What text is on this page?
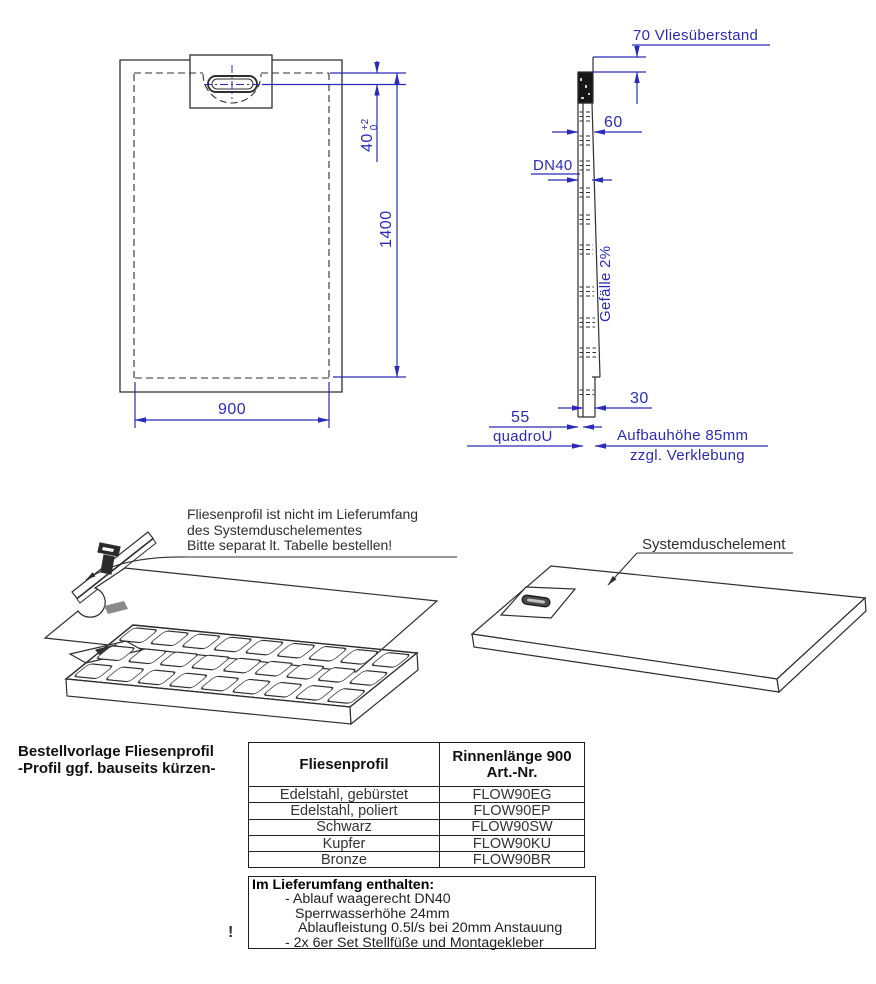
70 Vliesüberstand
60
DN40
Gefälle 2%
30
55
quadroU	Aufbauhöhe 85mm
zzgl. Verklebung
900
1400
40
+2
0
Fliesenprofil ist nicht im Lieferumfang
des Systemduschelementes
Bitte separat lt. Tabelle bestellen!	Systemduschelement
Bestellvorlage Fliesenprofil
-Profil ggf. bauseits kürzen-	Fliesenprofil	Rinnenlänge 900
Art.-Nr.
Edelstahl, gebürstet	FLOW90EG
Edelstahl, poliert	FLOW90EP
Schwarz	FLOW90SW
Kupfer	FLOW90KU
Bronze	FLOW90BR
!
Im Lieferumfang enthalten:
- Ablauf waagerecht DN40
Sperrwasserhöhe 24mm
Ablaufleistung 0.5l/s bei 20mm Anstauung
- 2x 6er Set Stellfüße und Montagekleber
